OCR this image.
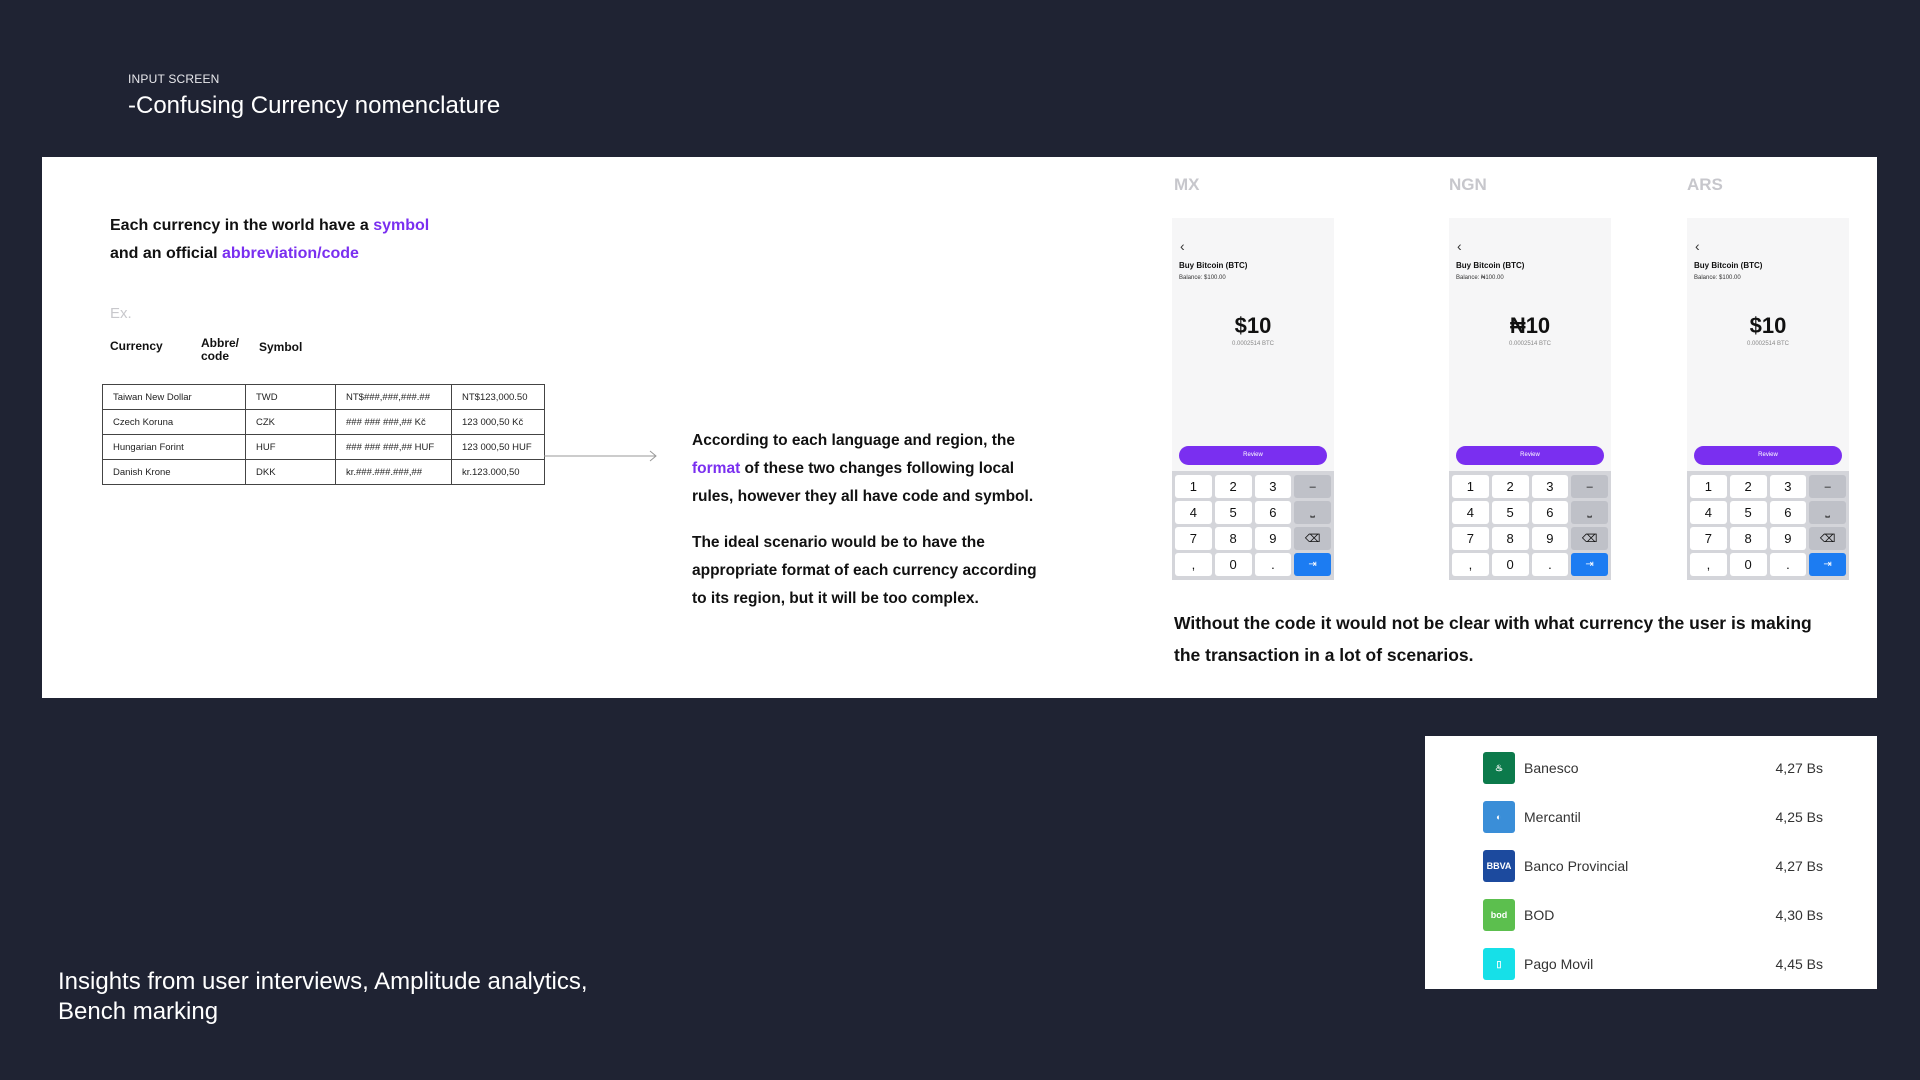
INPUT SCREEN
-Confusing Currency nomenclature
Each currency in the world have a symbol
and an official abbreviation/code
Ex.
Currency	Abbre/
code
Symbol
Taiwan New Dollar	TWD	NT$###,###,###.##	NT$123,000.50
Czech Koruna	CZK	### ### ###,## Kč	123 000,50 Kč
Hungarian Forint	HUF	### ### ###,## HUF	123 000,50 HUF
Danish Krone	DKK	kr.###.###.###,##	kr.123.000,50
According to each language and region, the
format of these two changes following local
rules, however they all have code and symbol.
The ideal scenario would be to have the
appropriate format of each currency according
to its region, but it will be too complex.
MX
‹
Buy Bitcoin (BTC)
Balance: $100.00
$10
0.0002514 BTC
Review
1	2	3	–
4	5	6	⎵
7	8	9	⌫
,	0	.	⇥
NGN
‹
Buy Bitcoin (BTC)
Balance: ₦100.00
₦10
0.0002514 BTC
Review
1	2	3	–
4	5	6	⎵
7	8	9	⌫
,	0	.	⇥
ARS
‹
Buy Bitcoin (BTC)
Balance: $100.00
$10
0.0002514 BTC
Review
1	2	3	–
4	5	6	⎵
7	8	9	⌫
,	0	.	⇥
Without the code it would not be clear with what currency the user is making
the transaction in a lot of scenarios.
♨	Banesco	4,27 Bs
◐	Mercantil	4,25 Bs
BBVA Banco Provincial	4,27 Bs
bod	BOD	4,30 Bs
▯	Pago Movil	4,45 Bs
Insights from user interviews, Amplitude analytics,
Bench marking
